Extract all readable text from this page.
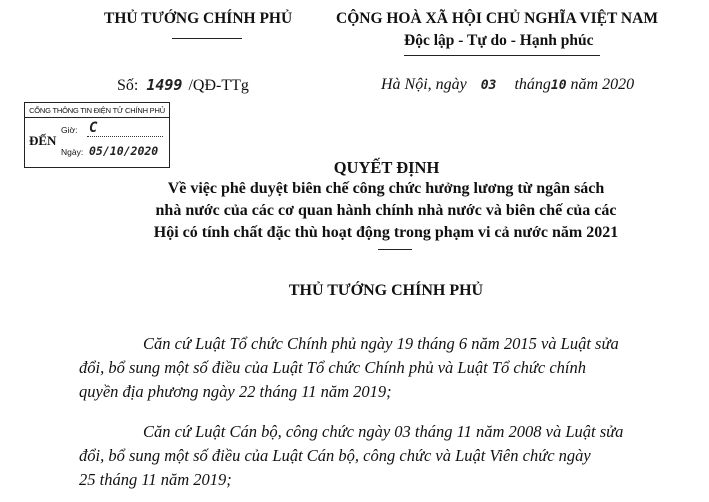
THỦ TƯỚNG CHÍNH PHỦ	CỘNG HOÀ XÃ HỘI CHỦ NGHĨA VIỆT NAM
Độc lập - Tự do - Hạnh phúc
Số: 1499 /QĐ-TTg	Hà Nội, ngày 03 tháng10 năm 2020
CỔNG THÔNG TIN ĐIỆN TỬ CHÍNH PHỦ
ĐẾN
Giờ: C
Ngày: 05/10/2020
QUYẾT ĐỊNH
Về việc phê duyệt biên chế công chức hưởng lương từ ngân sách
nhà nước của các cơ quan hành chính nhà nước và biên chế của các
Hội có tính chất đặc thù hoạt động trong phạm vi cả nước năm 2021
THỦ TƯỚNG CHÍNH PHỦ
Căn cứ Luật Tổ chức Chính phủ ngày 19 tháng 6 năm 2015 và Luật sửa
đổi, bổ sung một số điều của Luật Tổ chức Chính phủ và Luật Tổ chức chính
quyền địa phương ngày 22 tháng 11 năm 2019;
Căn cứ Luật Cán bộ, công chức ngày 03 tháng 11 năm 2008 và Luật sửa
đổi, bổ sung một số điều của Luật Cán bộ, công chức và Luật Viên chức ngày
25 tháng 11 năm 2019;
